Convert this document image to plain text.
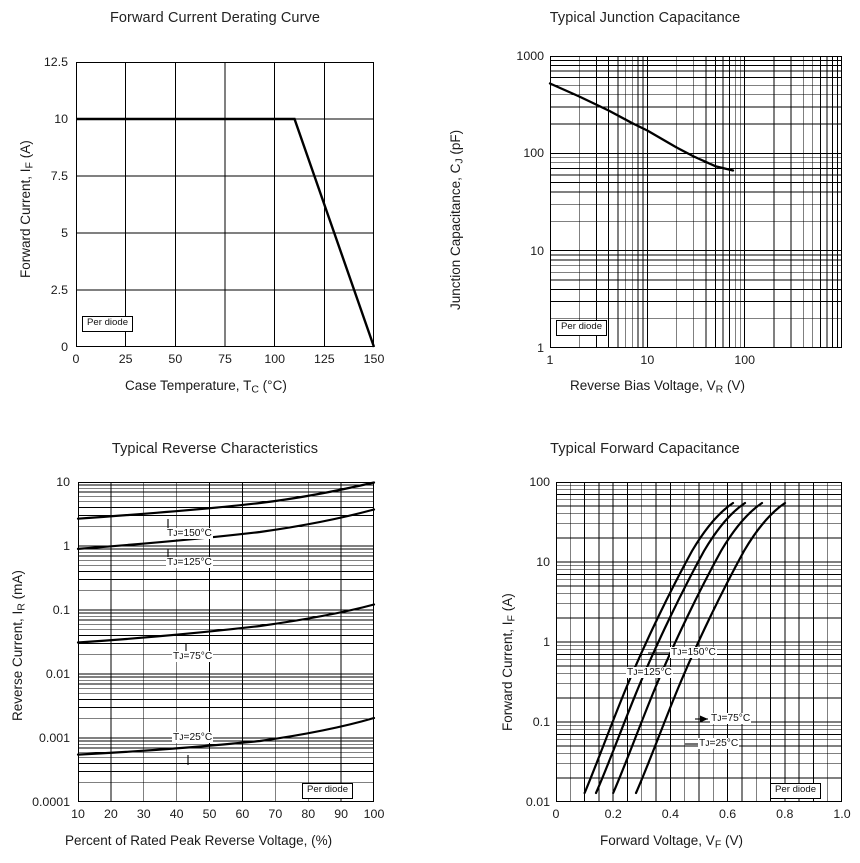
Forward Current Derating Curve
Forward Current, $I_F$ (A)
0
2.5
5
7.5
10
12.5
Per diode
0	25	50	75	100 125 150
Case Temperature, $T_C$ (°C)
Typical Junction Capacitance
Junction Capacitance, $C_J$ (pF)
1
10
100
1000
Per diode
1	10	100
Reverse Bias Voltage, $V_R$ (V)
Typical Reverse Characteristics
Reverse Current, $I_R$ (mA)
0.0001
0.001
0.01
0.1
1
10
Tᴊ=150°C
Tᴊ=125°C
Tᴊ=75°C
Tᴊ=25°C
Per diode
10 20 30 40 50 60 70 80 90 100
Percent of Rated Peak Reverse Voltage, (%)
Typical Forward Capacitance
Forward Current, $I_F$ (A)
0.01
0.1
1
10
100
Tᴊ=150°C
Tᴊ=125°C
Tᴊ=75°C
Tᴊ=25°C
Per diode
0	0.2	0.4	0.6	0.8	1.0
Forward Voltage, $V_F$ (V)
